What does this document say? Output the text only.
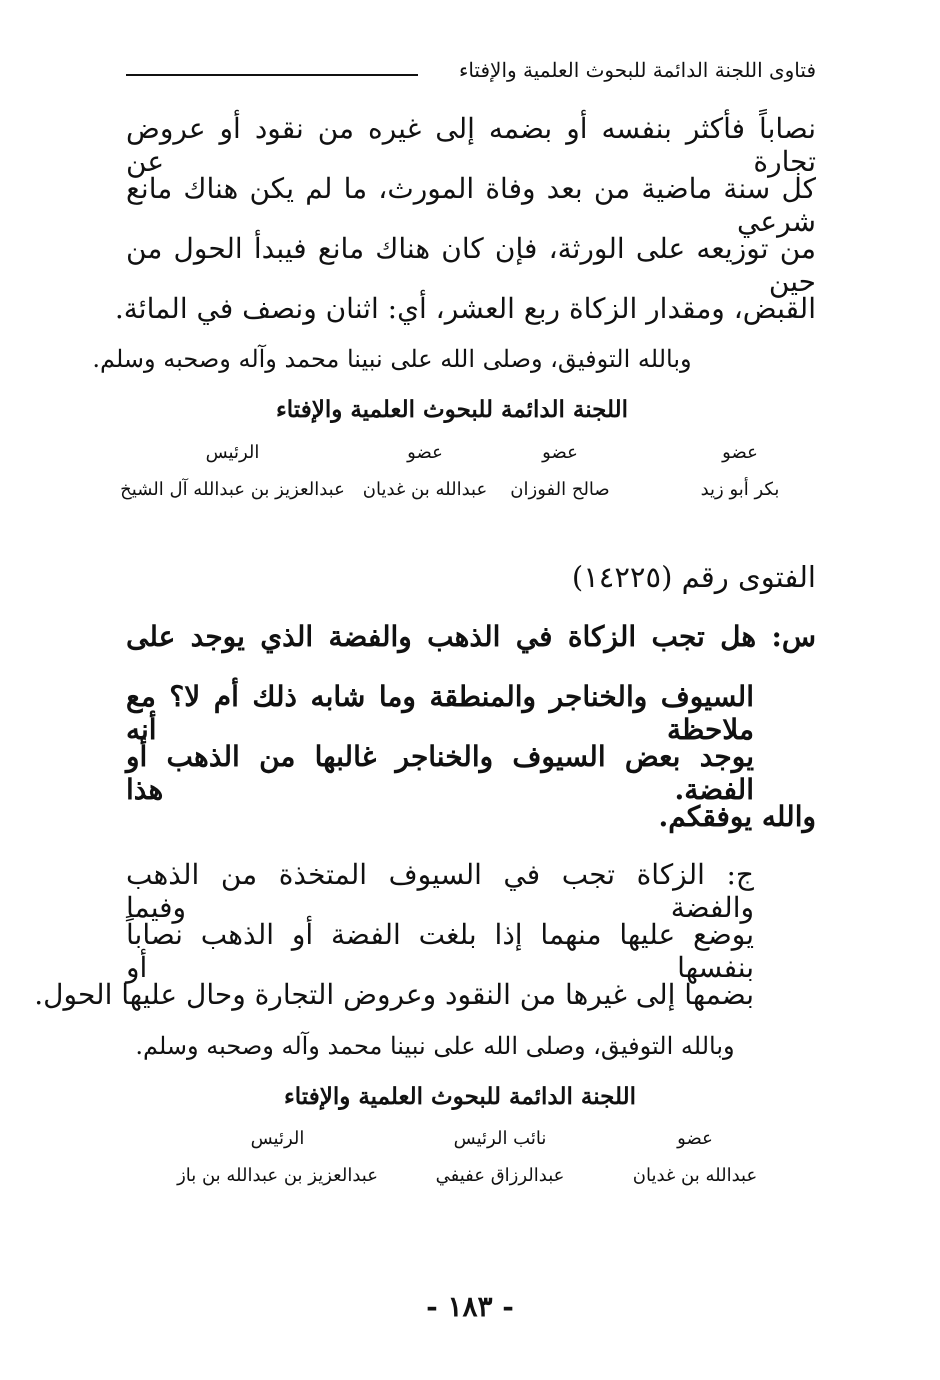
فتاوى اللجنة الدائمة للبحوث العلمية والإفتاء
نصاباً فأكثر بنفسه أو بضمه إلى غيره من نقود أو عروض تجارة عن
كل سنة ماضية من بعد وفاة المورث، ما لم يكن هناك مانع شرعي
من توزيعه على الورثة، فإن كان هناك مانع فيبدأ الحول من حين
القبض، ومقدار الزكاة ربع العشر، أي: اثنان ونصف في المائة.
وبالله التوفيق، وصلى الله على نبينا محمد وآله وصحبه وسلم.
اللجنة الدائمة للبحوث العلمية والإفتاء
عضو
بكر أبو زيد
عضو
صالح الفوزان
عضو
عبدالله بن غديان
الرئيس
عبدالعزيز بن عبدالله آل الشيخ
الفتوى رقم (١٤٢٢٥)
س: هل تجب الزكاة في الذهب والفضة الذي يوجد على
السيوف والخناجر والمنطقة وما شابه ذلك أم لا؟ مع ملاحظة أنه
يوجد بعض السيوف والخناجر غالبها من الذهب أو الفضة. هذا
والله يوفقكم.
ج: الزكاة تجب في السيوف المتخذة من الذهب والفضة وفيما
يوضع عليها منهما إذا بلغت الفضة أو الذهب نصاباً بنفسها أو
بضمها إلى غيرها من النقود وعروض التجارة وحال عليها الحول.
وبالله التوفيق، وصلى الله على نبينا محمد وآله وصحبه وسلم.
اللجنة الدائمة للبحوث العلمية والإفتاء
عضو
عبدالله بن غديان
نائب الرئيس
عبدالرزاق عفيفي
الرئيس
عبدالعزيز بن عبدالله بن باز
- ١٨٣ -
